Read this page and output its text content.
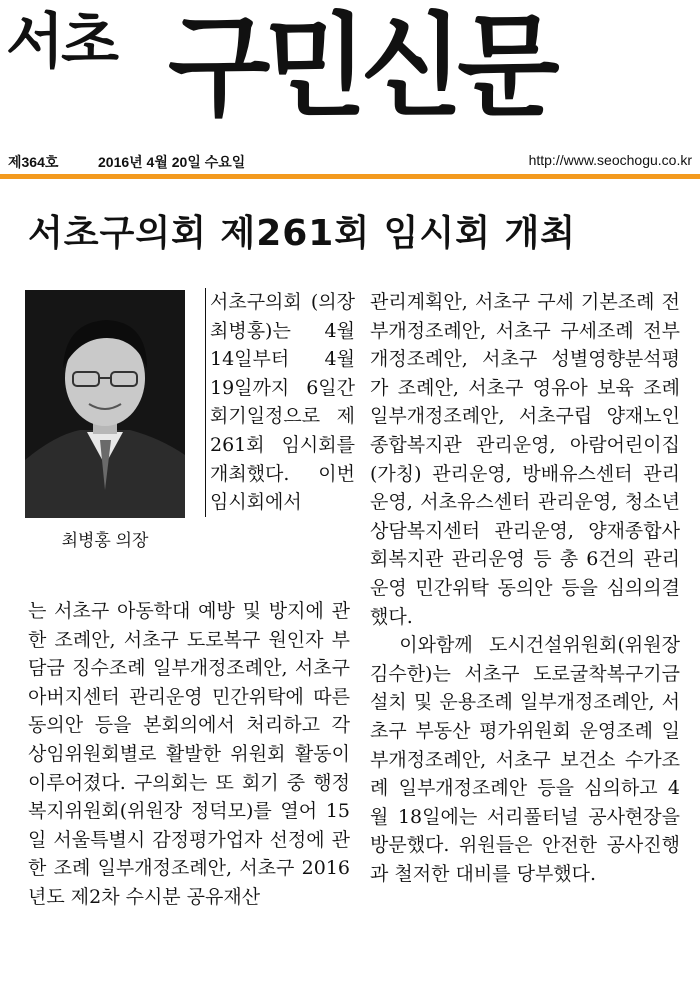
서초 구민신문
제364호	2016년 4월 20일 수요일	http://www.seochogu.co.kr
서초구의회 제261회 임시회 개최
최병홍 의장
서초구의회 (의장 최병홍)는 4월 14일부터 4월 19일까지 6일간 회기일정으로 제261회 임시회를 개최했다. 이번 임시회에서
는 서초구 아동학대 예방 및 방지에 관한 조례안, 서초구 도로복구 원인자 부담금 징수조례 일부개정조례안, 서초구 아버지센터 관리운영 민간위탁에 따른 동의안 등을 본회의에서 처리하고 각 상임위원회별로 활발한 위원회 활동이 이루어졌다. 구의회는 또 회기 중 행정복지위원회(위원장 정덕모)를 열어 15일 서울특별시 감정평가업자 선정에 관한 조례 일부개정조례안, 서초구 2016년도 제2차 수시분 공유재산
관리계획안, 서초구 구세 기본조례 전부개정조례안, 서초구 구세조례 전부개정조례안, 서초구 성별영향분석평가 조례안, 서초구 영유아 보육 조례 일부개정조례안, 서초구립 양재노인종합복지관 관리운영, 아람어린이집(가칭) 관리운영, 방배유스센터 관리운영, 서초유스센터 관리운영, 청소년상담복지센터 관리운영, 양재종합사회복지관 관리운영 등 총 6건의 관리운영 민간위탁 동의안 등을 심의의결했다.
　이와함께 도시건설위원회(위원장 김수한)는 서초구 도로굴착복구기금 설치 및 운용조례 일부개정조례안, 서초구 부동산 평가위원회 운영조례 일부개정조례안, 서초구 보건소 수가조례 일부개정조례안 등을 심의하고 4월 18일에는 서리풀터널 공사현장을 방문했다. 위원들은 안전한 공사진행과 철저한 대비를 당부했다.
